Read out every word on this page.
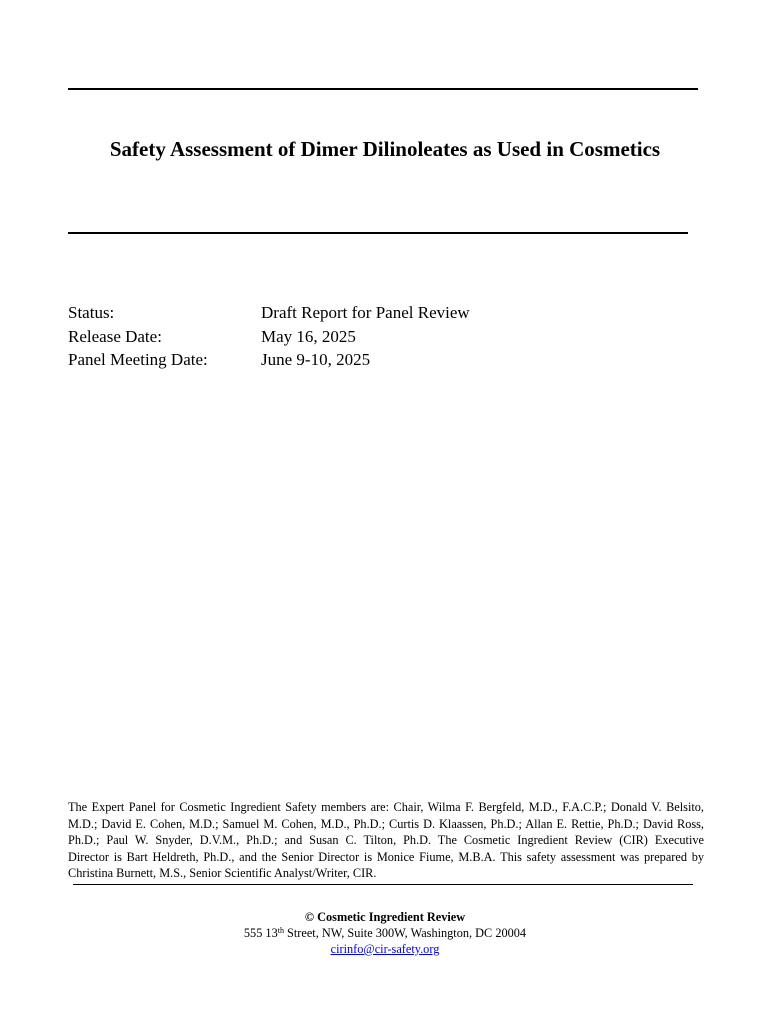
Safety Assessment of Dimer Dilinoleates as Used in Cosmetics
Status:	Draft Report for Panel Review
Release Date:	May 16, 2025
Panel Meeting Date:	June 9-10, 2025
The Expert Panel for Cosmetic Ingredient Safety members are: Chair, Wilma F. Bergfeld, M.D., F.A.C.P.; Donald V. Belsito,
M.D.; David E. Cohen, M.D.; Samuel M. Cohen, M.D., Ph.D.; Curtis D. Klaassen, Ph.D.; Allan E. Rettie, Ph.D.; David Ross,
Ph.D.; Paul W. Snyder, D.V.M., Ph.D.; and Susan C. Tilton, Ph.D. The Cosmetic Ingredient Review (CIR) Executive
Director is Bart Heldreth, Ph.D., and the Senior Director is Monice Fiume, M.B.A. This safety assessment was prepared by
Christina Burnett, M.S., Senior Scientific Analyst/Writer, CIR.
© Cosmetic Ingredient Review
555 13th Street, NW, Suite 300W, Washington, DC 20004
cirinfo@cir-safety.org
